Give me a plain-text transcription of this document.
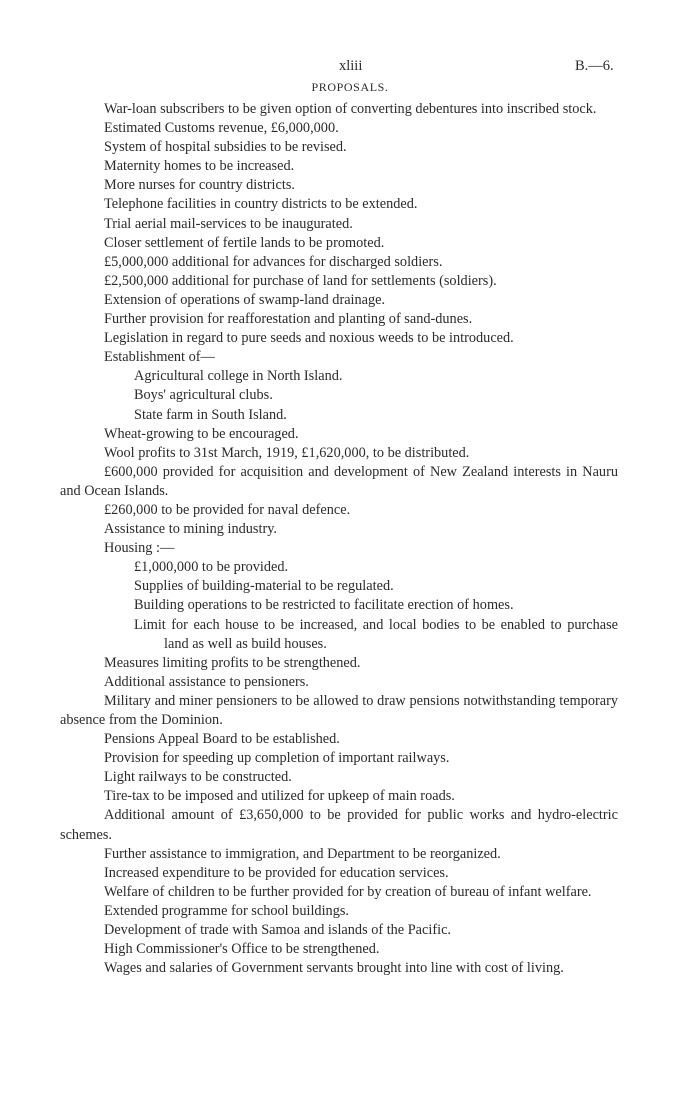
xliii	B.—6.
PROPOSALS.

War-loan subscribers to be given option of converting debentures into inscribed stock.

Estimated Customs revenue, £6,000,000.

System of hospital subsidies to be revised.

Maternity homes to be increased.

More nurses for country districts.

Telephone facilities in country districts to be extended.

Trial aerial mail-services to be inaugurated.

Closer settlement of fertile lands to be promoted.

£5,000,000 additional for advances for discharged soldiers.

£2,500,000 additional for purchase of land for settlements (soldiers).

Extension of operations of swamp-land drainage.

Further provision for reafforestation and planting of sand-dunes.

Legislation in regard to pure seeds and noxious weeds to be introduced.

Establishment of—

Agricultural college in North Island.

Boys' agricultural clubs.

State farm in South Island.

Wheat-growing to be encouraged.

Wool profits to 31st March, 1919, £1,620,000, to be distributed.

£600,000 provided for acquisition and development of New Zealand interests in Nauru and Ocean Islands.

£260,000 to be provided for naval defence.

Assistance to mining industry.

Housing :—

£1,000,000 to be provided.

Supplies of building-material to be regulated.

Building operations to be restricted to facilitate erection of homes.

Limit for each house to be increased, and local bodies to be enabled to purchase land as well as build houses.

Measures limiting profits to be strengthened.

Additional assistance to pensioners.

Military and miner pensioners to be allowed to draw pensions notwithstanding temporary absence from the Dominion.

Pensions Appeal Board to be established.

Provision for speeding up completion of important railways.

Light railways to be constructed.

Tire-tax to be imposed and utilized for upkeep of main roads.

Additional amount of £3,650,000 to be provided for public works and hydro-electric schemes.

Further assistance to immigration, and Department to be reorganized.

Increased expenditure to be provided for education services.

Welfare of children to be further provided for by creation of bureau of infant welfare.

Extended programme for school buildings.

Development of trade with Samoa and islands of the Pacific.

High Commissioner's Office to be strengthened.

Wages and salaries of Government servants brought into line with cost of living.
